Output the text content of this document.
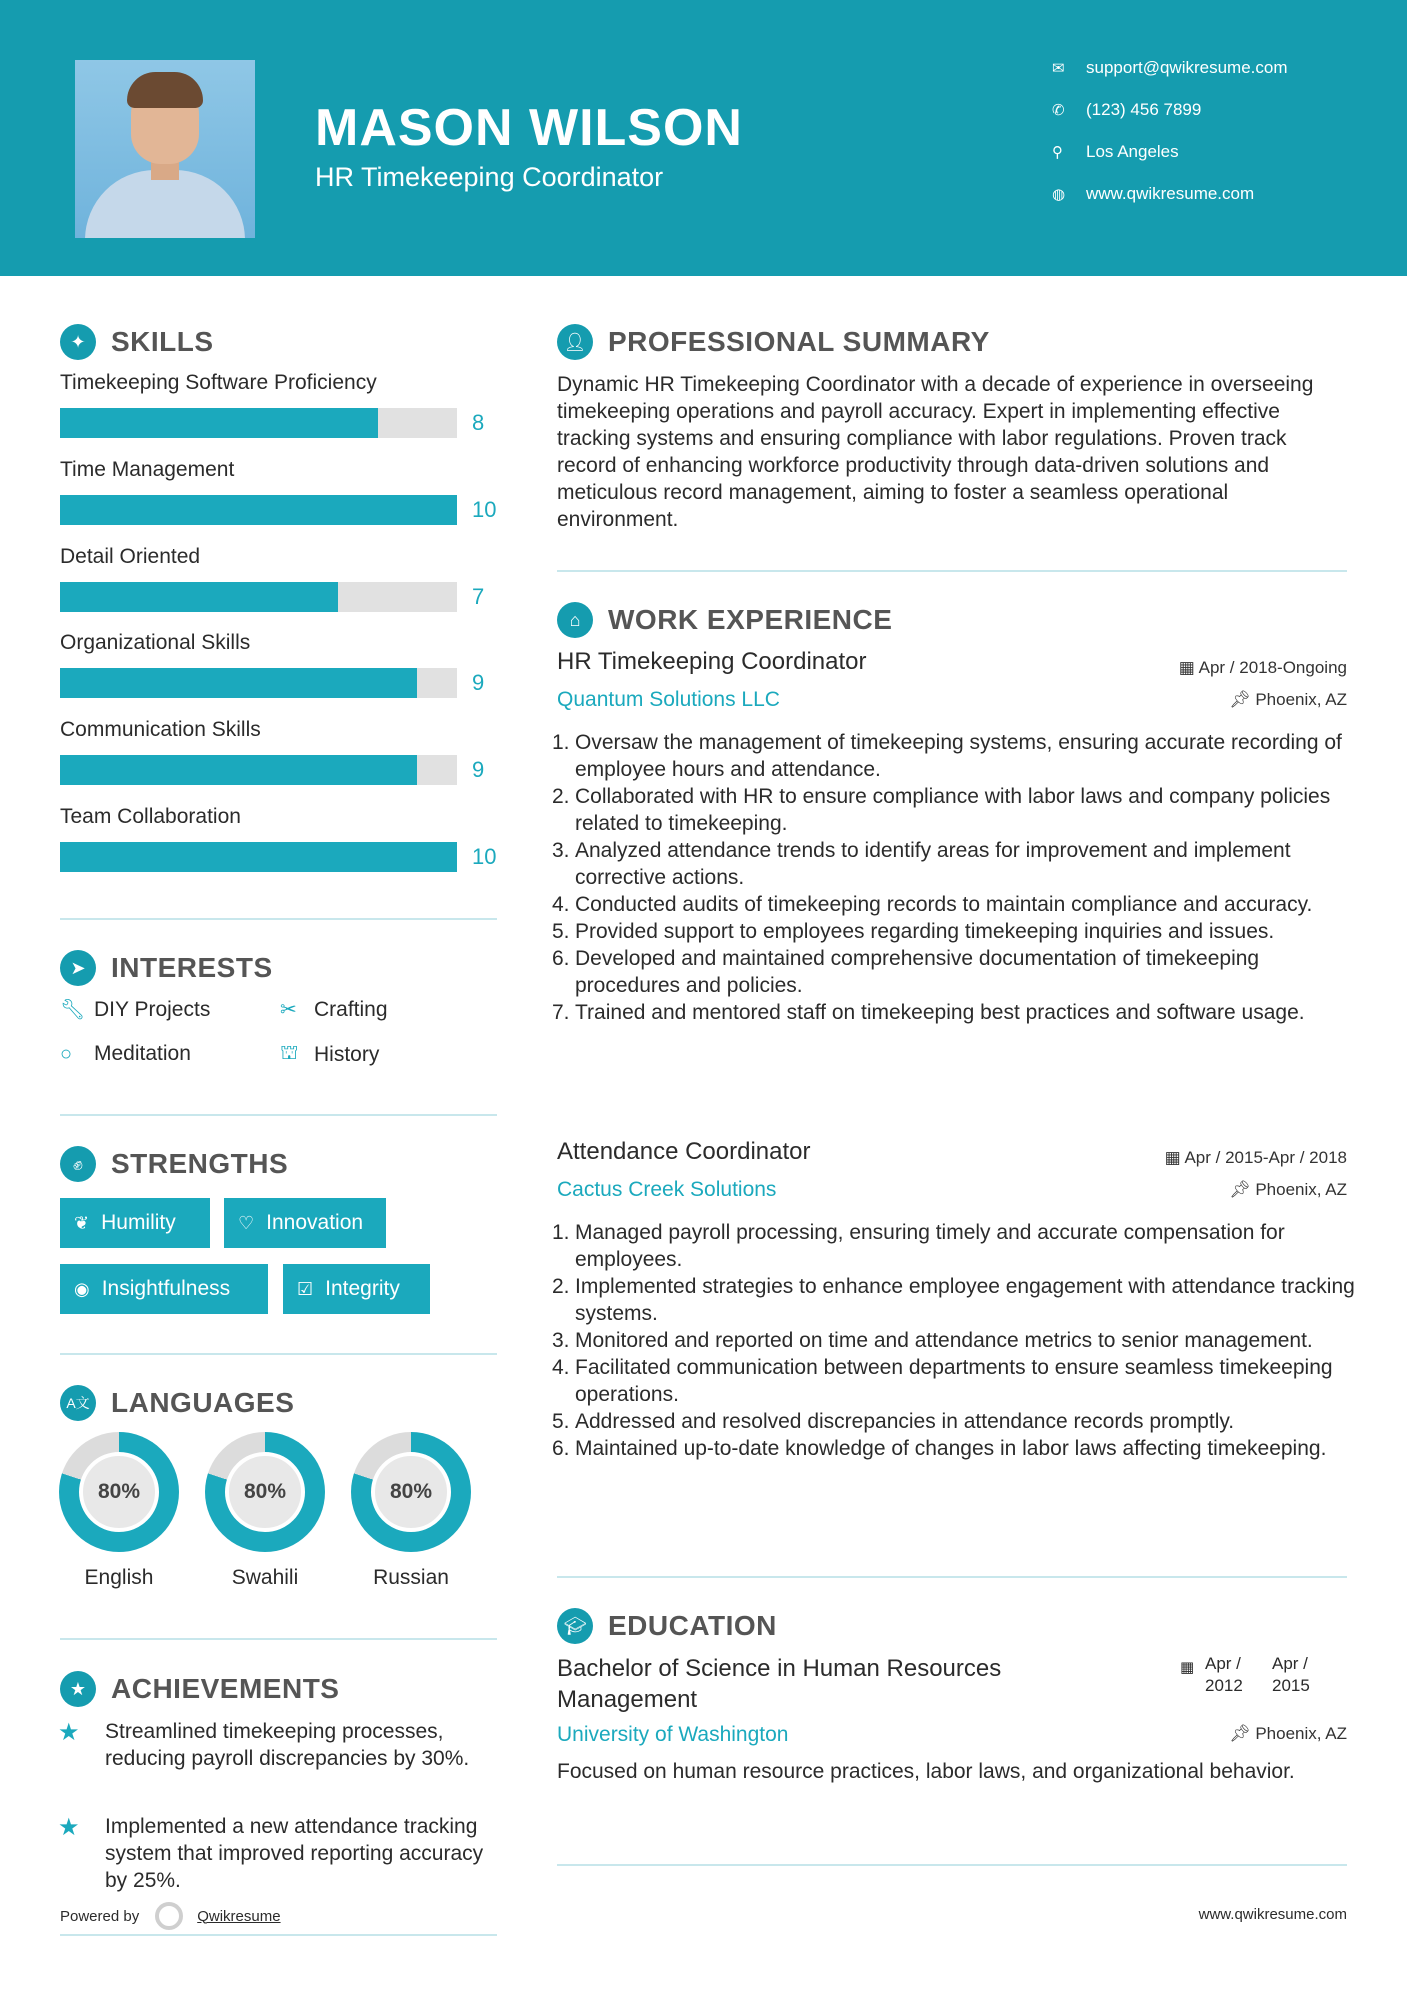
MASON WILSON
HR Timekeeping Coordinator
✉	support@qwikresume.com
✆	(123) 456 7899
⚲	Los Angeles
◍	www.qwikresume.com
✦ SKILLS
Timekeeping Software Proficiency
8
Time Management
10
Detail Oriented
7
Organizational Skills
9
Communication Skills
9
Team Collaboration
10
➤ INTERESTS
🔧︎ DIY Projects	✂ Crafting
○	Meditation	⛫ History
✊︎	STRENGTHS
❦ Humility	♡ Innovation
◉ Insightfulness	☑ Integrity
A文 LANGUAGES
80%
English
80%
Swahili
80%
Russian
★ ACHIEVEMENTS
★ Streamlined timekeeping processes, reducing payroll discrepancies by 30%.
★ Implemented a new attendance tracking system that improved reporting accuracy by 25%.
Powered by	Qwikresume
👤︎ PROFESSIONAL SUMMARY
Dynamic HR Timekeeping Coordinator with a decade of experience in overseeing timekeeping operations and payroll accuracy. Expert in implementing effective tracking systems and ensuring compliance with labor regulations. Proven track record of enhancing workforce productivity through data-driven solutions and meticulous record management, aiming to foster a seamless operational environment.
⌂ WORK EXPERIENCE
HR Timekeeping Coordinator	▦ Apr / 2018-Ongoing
Quantum Solutions LLC	📌︎ Phoenix, AZ
1. Oversaw the management of timekeeping systems, ensuring accurate recording of employee hours and attendance.
2. Collaborated with HR to ensure compliance with labor laws and company policies related to timekeeping.
3. Analyzed attendance trends to identify areas for improvement and implement corrective actions.
4. Conducted audits of timekeeping records to maintain compliance and accuracy.
5. Provided support to employees regarding timekeeping inquiries and issues.
6. Developed and maintained comprehensive documentation of timekeeping procedures and policies.
7. Trained and mentored staff on timekeeping best practices and software usage.
Attendance Coordinator	▦ Apr / 2015-Apr / 2018
Cactus Creek Solutions	📌︎ Phoenix, AZ
1. Managed payroll processing, ensuring timely and accurate compensation for employees.
2. Implemented strategies to enhance employee engagement with attendance tracking systems.
3. Monitored and reported on time and attendance metrics to senior management.
4. Facilitated communication between departments to ensure seamless timekeeping operations.
5. Addressed and resolved discrepancies in attendance records promptly.
6. Maintained up-to-date knowledge of changes in labor laws affecting timekeeping.
🎓︎ EDUCATION
Bachelor of Science in Human Resources Management
▦ Apr /
2012
Apr /
2015
University of Washington	📌︎ Phoenix, AZ
Focused on human resource practices, labor laws, and organizational behavior.
www.qwikresume.com
